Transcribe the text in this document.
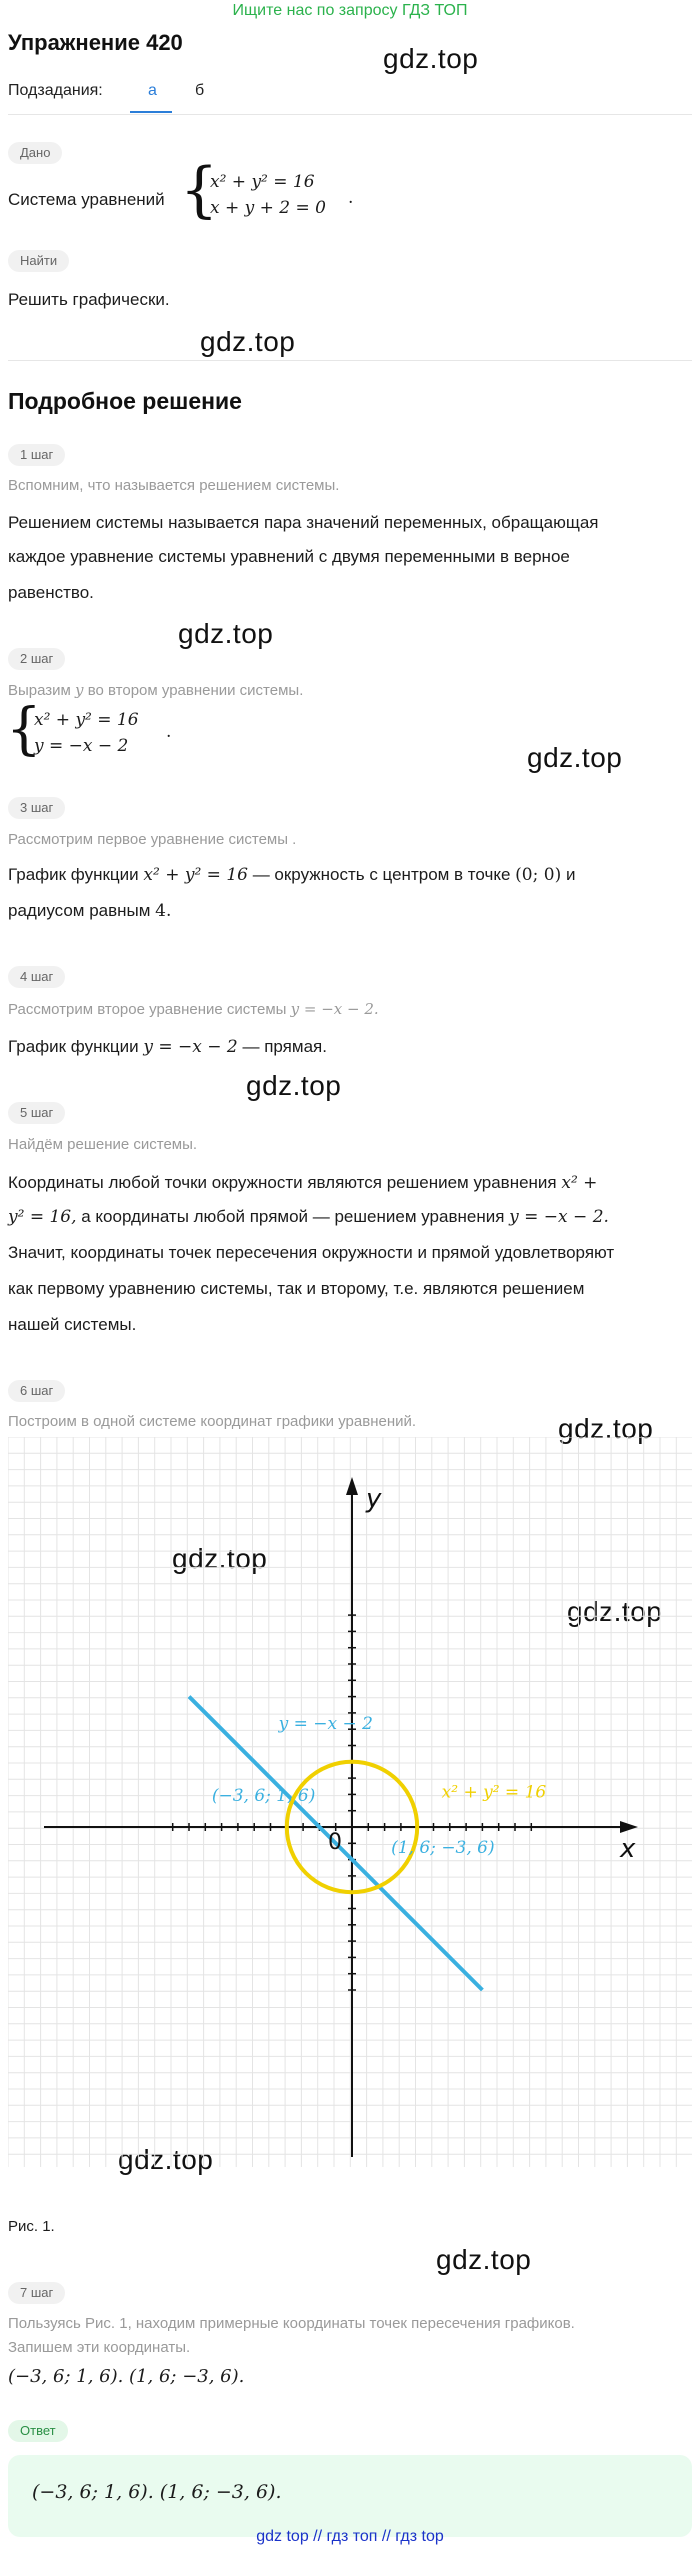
Ищите нас по запросу ГДЗ ТОП
Упражнение 420
gdz.top
gdz.top
gdz.top
gdz.top
gdz.top
gdz.top
gdz.top
gdz.top
gdz.top
gdz.top
Подзадания:	а б
Дано
Система уравнений {
x² + y² = 16
x + y + 2 = 0 .
Найти
Решить графически.
Подробное решение
1 шаг
Вспомним, что называется решением системы.
Решением системы называется пара значений переменных, обращающая
каждое уравнение системы уравнений с двумя переменными в верное
равенство.
2 шаг
Выразим y во втором уравнении системы.
{
x² + y² = 16
y = −x − 2
.
3 шаг
Рассмотрим первое уравнение системы .
График функции x² + y² = 16 — окружность с центром в точке (0; 0) и
радиусом равным 4.
4 шаг
Рассмотрим второе уравнение системы y = −x − 2.
График функции y = −x − 2 — прямая.
5 шаг
Найдём решение системы.
Координаты любой точки окружности являются решением уравнения x² +
y² = 16, а координаты любой прямой — решением уравнения y = −x − 2.
Значит, координаты точек пересечения окружности и прямой удовлетворяют
как первому уравнению системы, так и второму, т.е. являются решением
нашей системы.
6 шаг
Построим в одной системе координат графики уравнений.
x
y
0
y = −x − 2
x² + y² = 16
(−3, 6; 1, 6)
(1, 6; −3, 6)
Рис. 1.
7 шаг
Пользуясь Рис. 1, находим примерные координаты точек пересечения графиков.
Запишем эти координаты.
(−3, 6; 1, 6). (1, 6; −3, 6).
Ответ
(−3, 6; 1, 6). (1, 6; −3, 6).
gdz top // гдз топ // гдз top
